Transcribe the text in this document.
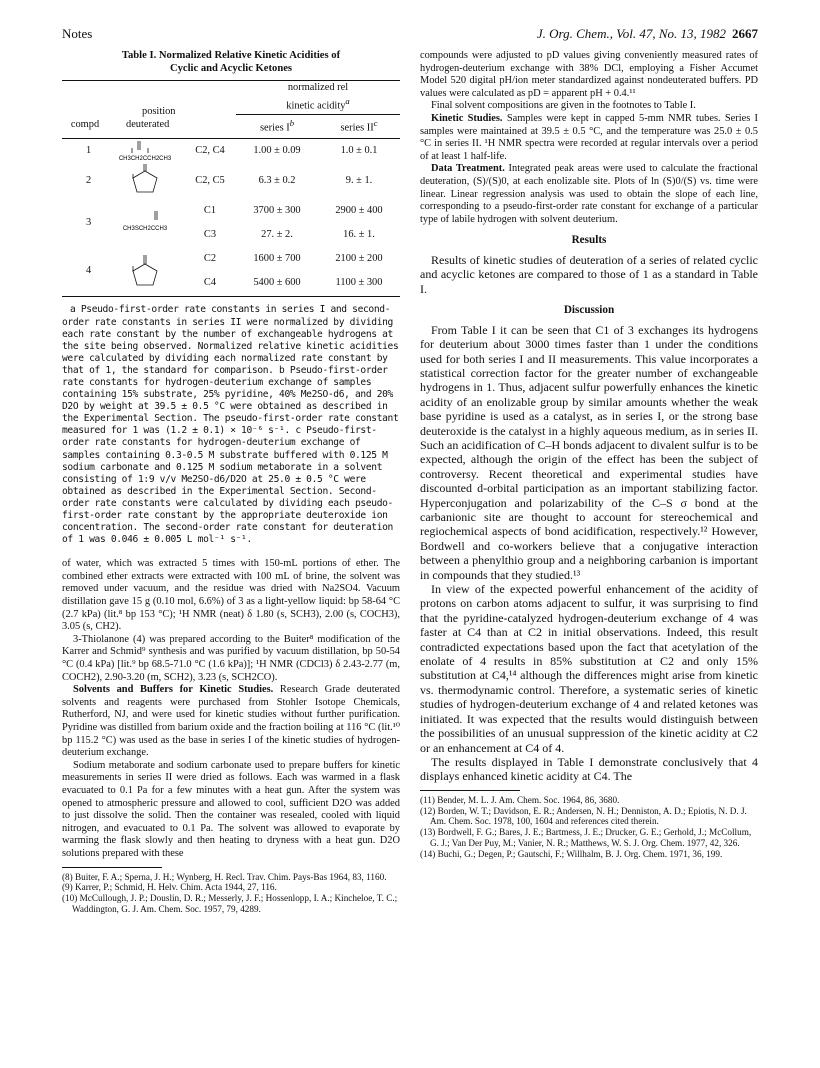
Notes	J. Org. Chem., Vol. 47, No. 13, 1982 2667
Table I. Normalized Relative Kinetic Acidities of
Cyclic and Acyclic Ketones

			normalized rel
kinetic acidity$^a$
compd	position
deuterated		series $I^b$	series $II^c$
1	CH3CH2CCH2CH3	C2, C4	1.00 ± 0.09	1.0 ± 0.1
2		C2, C5	6.3 ± 0.2	9. ± 1.
3	CH3SCH2CCH3	C1	3700 ± 300	2900 ± 400
		C3	27. ± 2.	16. ± 1.
4		C2	1600 ± 700	2100 ± 200
		C4	5400 ± 600	1100 ± 300

a Pseudo-first-order rate constants in series I and second-order rate constants in series II were normalized by dividing each rate constant by the number of exchangeable hydrogens at the site being observed. Normalized relative kinetic acidities were calculated by dividing each normalized rate constant by that of 1, the standard for comparison. b Pseudo-first-order rate constants for hydrogen-deuterium exchange of samples containing 15% substrate, 25% pyridine, 40% Me2SO-d6, and 20% D2O by weight at 39.5 ± 0.5 °C were obtained as described in the Experimental Section. The pseudo-first-order rate constant measured for 1 was (1.2 ± 0.1) × 10⁻⁶ s⁻¹. c Pseudo-first-order rate constants for hydrogen-deuterium exchange of samples containing 0.3-0.5 M substrate buffered with 0.125 M sodium carbonate and 0.125 M sodium metaborate in a solvent consisting of 1:9 v/v Me2SO-d6/D2O at 25.0 ± 0.5 °C were obtained as described in the Experimental Section. Second-order rate constants were calculated by dividing each pseudo-first-order rate constant by the appropriate deuteroxide ion concentration. The second-order rate constant for deuteration of 1 was 0.046 ± 0.005 L mol⁻¹ s⁻¹.

of water, which was extracted 5 times with 150-mL portions of ether. The combined ether extracts were extracted with 100 mL of brine, the solvent was removed under vacuum, and the residue was dried with Na2SO4. Vacuum distillation gave 15 g (0.10 mol, 6.6%) of 3 as a light-yellow liquid: bp 58-64 °C (2.7 kPa) (lit.⁸ bp 153 °C); ¹H NMR (neat) δ 1.80 (s, SCH3), 2.00 (s, COCH3), 3.05 (s, CH2).

3-Thiolanone (4) was prepared according to the Buiter⁸ modification of the Karrer and Schmid⁹ synthesis and was purified by vacuum distillation, bp 50-54 °C (0.4 kPa) [lit.⁹ bp 68.5-71.0 °C (1.6 kPa)]; ¹H NMR (CDCl3) δ 2.43-2.77 (m, COCH2), 2.90-3.20 (m, SCH2), 3.23 (s, SCH2CO).

Solvents and Buffers for Kinetic Studies. Research Grade deuterated solvents and reagents were purchased from Stohler Isotope Chemicals, Rutherford, NJ, and were used for kinetic studies without further purification. Pyridine was distilled from barium oxide and the fraction boiling at 116 °C (lit.¹⁰ bp 115.2 °C) was used as the base in series I of the kinetic studies of hydrogen-deuterium exchange.

Sodium metaborate and sodium carbonate used to prepare buffers for kinetic measurements in series II were dried as follows. Each was warmed in a flask evacuated to 0.1 Pa for a few minutes with a heat gun. After the system was opened to atmospheric pressure and allowed to cool, sufficient D2O was added to just dissolve the solid. Then the container was resealed, cooled with liquid nitrogen, and evacuated to 0.1 Pa. The solvent was allowed to evaporate by warming the flask slowly and then heating to dryness with a heat gun. D2O solutions prepared with these

(8) Buiter, F. A.; Sperna, J. H.; Wynberg, H. Recl. Trav. Chim. Pays-Bas 1964, 83, 1160.

(9) Karrer, P.; Schmid, H. Helv. Chim. Acta 1944, 27, 116.

(10) McCullough, J. P.; Douslin, D. R.; Messerly, J. F.; Hossenlopp, I. A.; Kincheloe, T. C.; Waddington, G. J. Am. Chem. Soc. 1957, 79, 4289.

compounds were adjusted to pD values giving conveniently measured rates of hydrogen-deuterium exchange with 38% DCl, employing a Fisher Accumet Model 520 digital pH/ion meter standardized against nondeuterated buffers. PD values were calculated as pD = apparent pH + 0.4.¹¹

Final solvent compositions are given in the footnotes to Table I.

Kinetic Studies. Samples were kept in capped 5-mm NMR tubes. Series I samples were maintained at 39.5 ± 0.5 °C, and the temperature was 25.0 ± 0.5 °C in series II. ¹H NMR spectra were recorded at regular intervals over a period of at least 1 half-life.

Data Treatment. Integrated peak areas were used to calculate the fractional deuteration, (S)/(S)0, at each enolizable site. Plots of ln (S)0/(S) vs. time were linear. Linear regression analysis was used to obtain the slope of each line, corresponding to a pseudo-first-order rate constant for exchange of a particular type of labile hydrogen with solvent deuterium.

Results

Results of kinetic studies of deuteration of a series of related cyclic and acyclic ketones are compared to those of 1 as a standard in Table I.

Discussion

From Table I it can be seen that C1 of 3 exchanges its hydrogens for deuterium about 3000 times faster than 1 under the conditions used for both series I and II measurements. This value incorporates a statistical correction factor for the greater number of exchangeable hydrogens in 1. Thus, adjacent sulfur powerfully enhances the kinetic acidity of an enolizable group by similar amounts whether the weak base pyridine is used as a catalyst, as in series I, or the strong base deuteroxide is the catalyst in a highly aqueous medium, as in series II. Such an acidification of C–H bonds adjacent to divalent sulfur is to be expected, although the origin of the effect has been the subject of controversy. Recent theoretical and experimental studies have discounted d-orbital participation as an important stabilizing factor. Hyperconjugation and polarizability of the C–S σ bond at the carbanionic site are thought to account for stereochemical and regiochemical aspects of bond acidification, respectively.¹² However, Bordwell and co-workers believe that a conjugative interaction between a phenylthio group and a neighboring carbanion is important in compounds that they studied.¹³

In view of the expected powerful enhancement of the acidity of protons on carbon atoms adjacent to sulfur, it was surprising to find that the pyridine-catalyzed hydrogen-deuterium exchange of 4 was faster at C4 than at C2 in initial observations. Indeed, this result contradicted expectations based upon the fact that acetylation of the enolate of 4 results in 85% substitution at C2 and only 15% substitution at C4,¹⁴ although the differences might arise from kinetic vs. thermodynamic control. Therefore, a systematic series of kinetic studies of hydrogen-deuterium exchange of 4 and related ketones was initiated. It was expected that the results would distinguish between the possibilities of an unusual suppression of the kinetic acidity at C2 or an enhancement at C4 of 4.

The results displayed in Table I demonstrate conclusively that 4 displays enhanced kinetic acidity at C4. The

(11) Bender, M. L. J. Am. Chem. Soc. 1964, 86, 3680.

(12) Borden, W. T.; Davidson, E. R.; Andersen, N. H.; Denniston, A. D.; Epiotis, N. D. J. Am. Chem. Soc. 1978, 100, 1604 and references cited therein.

(13) Bordwell, F. G.; Bares, J. E.; Bartmess, J. E.; Drucker, G. E.; Gerhold, J.; McCollum, G. J.; Van Der Puy, M.; Vanier, N. R.; Matthews, W. S. J. Org. Chem. 1977, 42, 326.

(14) Buchi, G.; Degen, P.; Gautschi, F.; Willhalm, B. J. Org. Chem. 1971, 36, 199.
